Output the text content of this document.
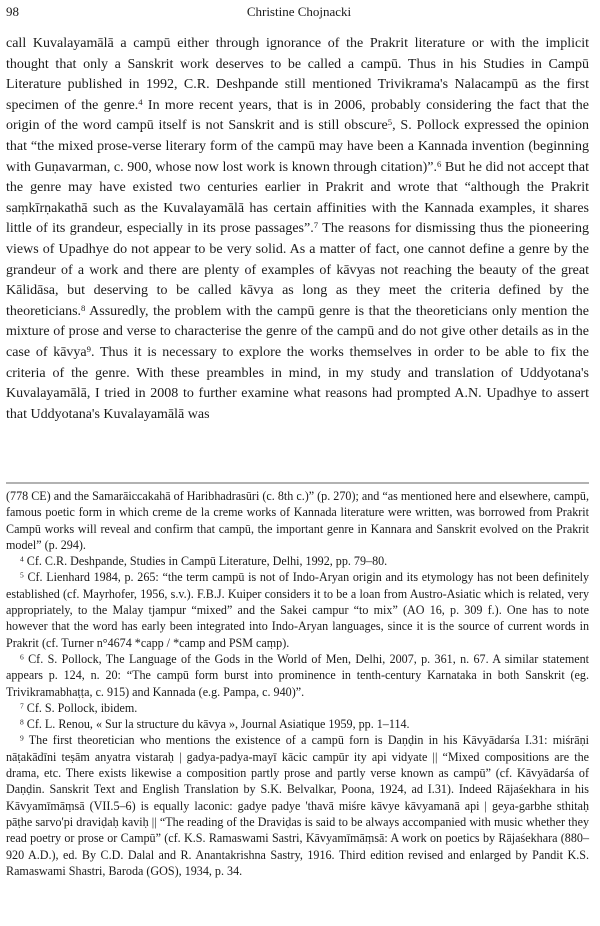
98	Christine Chojnacki

call Kuvalayamālā a campū either through ignorance of the Prakrit literature or with the implicit thought that only a Sanskrit work deserves to be called a campū. Thus in his Studies in Campū Literature published in 1992, C.R. Deshpande still mentioned Trivikrama's Nalacampū as the first specimen of the genre.$^4$ In more recent years, that is in 2006, probably considering the fact that the origin of the word campū itself is not Sanskrit and is still obscure$^5$, S. Pollock expressed the opinion that “the mixed prose-verse literary form of the campū may have been a Kannada invention (beginning with Guṇavarman, c. 900, whose now lost work is known through citation)”.$^6$ But he did not accept that the genre may have existed two centuries earlier in Prakrit and wrote that “although the Prakrit saṃkīrṇakathā such as the Kuvalayamālā has certain affinities with the Kannada examples, it shares little of its grandeur, especially in its prose passages”.$^7$ The reasons for dismissing thus the pioneering views of Upadhye do not appear to be very solid. As a matter of fact, one cannot define a genre by the grandeur of a work and there are plenty of examples of kāvyas not reaching the beauty of the great Kālidāsa, but deserving to be called kāvya as long as they meet the criteria defined by the theoreticians.$^8$ Assuredly, the problem with the campū genre is that the theoreticians only mention the mixture of prose and verse to characterise the genre of the campū and do not give other details as in the case of kāvya$^9$. Thus it is necessary to explore the works themselves in order to be able to fix the criteria of the genre. With these preambles in mind, in my study and translation of Uddyotana's Kuvalayamālā, I tried in 2008 to further examine what reasons had prompted A.N. Upadhye to assert that Uddyotana's Kuvalayamālā was

(778 CE) and the Samarāiccakahā of Haribhadrasūri (c. 8th c.)” (p. 270); and “as mentioned here and elsewhere, campū, famous poetic form in which creme de la creme works of Kannada literature were written, was borrowed from Prakrit Campū works will reveal and confirm that campū, the important genre in Kannara and Sanskrit evolved on the Prakrit model” (p. 294).

$^4$ Cf. C.R. Deshpande, Studies in Campū Literature, Delhi, 1992, pp. 79–80.

$^5$ Cf. Lienhard 1984, p. 265: “the term campū is not of Indo-Aryan origin and its etymology has not been definitely established (cf. Mayrhofer, 1956, s.v.). F.B.J. Kuiper considers it to be a loan from Austro-Asiatic which is related, very appropriately, to the Malay tjampur “mixed” and the Sakei campur “to mix” (AO 16, p. 309 f.). One has to note however that the word has early been integrated into Indo-Aryan languages, since it is the source of current words in Prakrit (cf. Turner n°4674 *capp / *camp and PSM caṃp).

$^6$ Cf. S. Pollock, The Language of the Gods in the World of Men, Delhi, 2007, p. 361, n. 67. A similar statement appears p. 124, n. 20: “The campū form burst into prominence in tenth-century Karnataka in both Sanskrit (eg. Trivikramabhaṭṭa, c. 915) and Kannada (e.g. Pampa, c. 940)”.

$^7$ Cf. S. Pollock, ibidem.

$^8$ Cf. L. Renou, « Sur la structure du kāvya », Journal Asiatique 1959, pp. 1–114.

$^9$ The first theoretician who mentions the existence of a campū forn is Daṇḍin in his Kāvyādarśa I.31: miśrāṇi nāṭakādīni teṣām anyatra vistaraḥ | gadya-padya-mayī kācic campūr ity api vidyate || “Mixed compositions are the drama, etc. There exists likewise a composition partly prose and partly verse known as campū” (cf. Kāvyādarśa of Daṇḍin. Sanskrit Text and English Translation by S.K. Belvalkar, Poona, 1924, ad I.31). Indeed Rājaśekhara in his Kāvyamīmāṃsā (VII.5–6) is equally laconic: gadye padye 'thavā miśre kāvye kāvyamanā api | geya-garbhe sthitaḥ pāṭhe sarvo'pi draviḍaḥ kaviḥ || “The reading of the Draviḍas is said to be always accompanied with music whether they read poetry or prose or Campū” (cf. K.S. Ramaswami Sastri, Kāvyamīmāṃsā: A work on poetics by Rājaśekhara (880–920 A.D.), ed. By C.D. Dalal and R. Anantakrishna Sastry, 1916. Third edition revised and enlarged by Pandit K.S. Ramaswami Shastri, Baroda (GOS), 1934, p. 34.
